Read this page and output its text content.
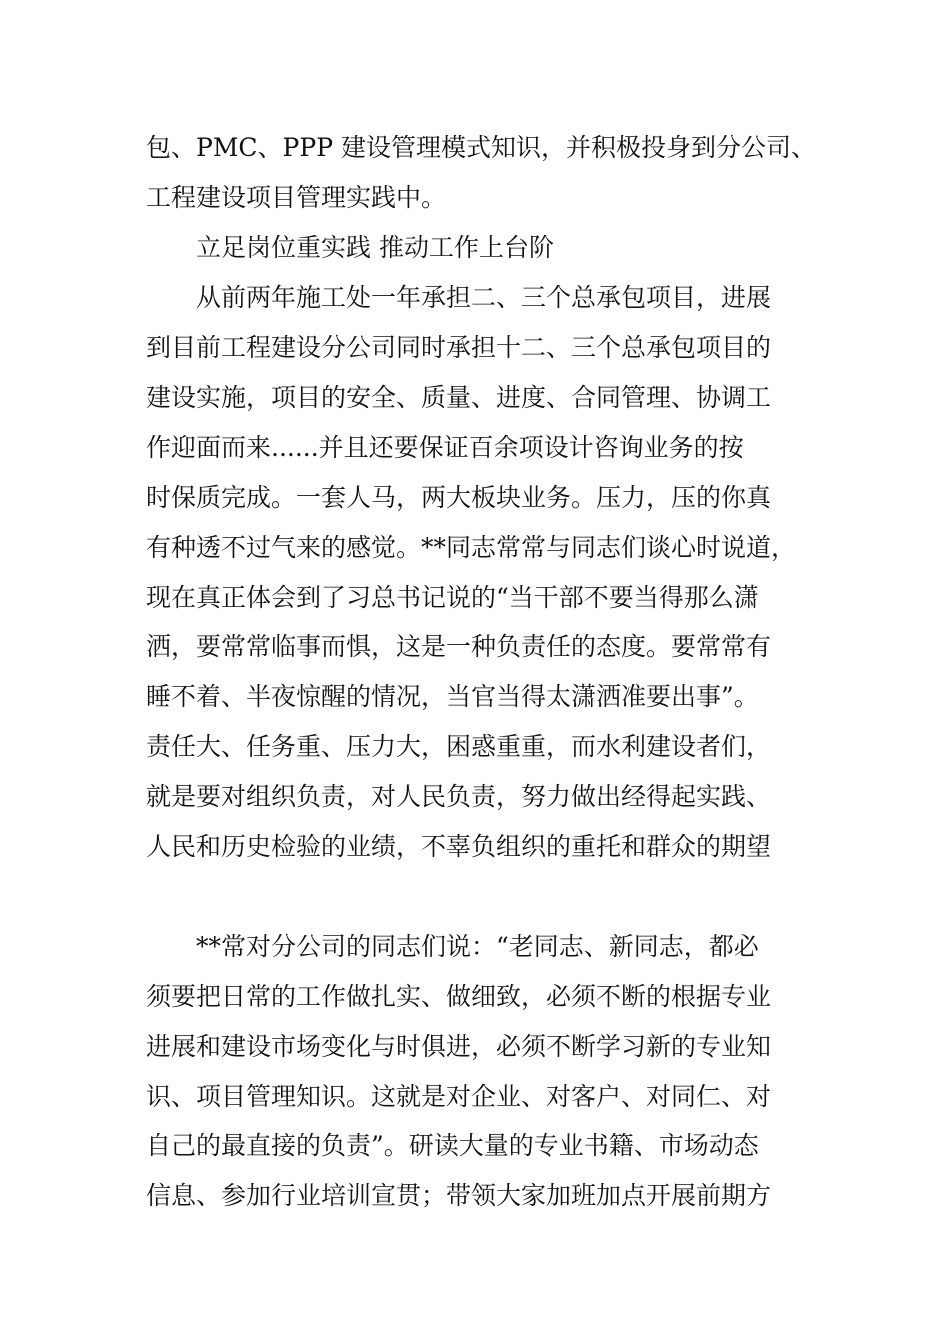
包、PMC、PPP 建设管理模式知识，并积极投身到分公司、
工程建设项目管理实践中。
立足岗位重实践 推动工作上台阶
从前两年施工处一年承担二、三个总承包项目，进展
到目前工程建设分公司同时承担十二、三个总承包项目的
建设实施，项目的安全、质量、进度、合同管理、协调工
作迎面而来......并且还要保证百余项设计咨询业务的按
时保质完成。一套人马，两大板块业务。压力，压的你真
有种透不过气来的感觉。**同志常常与同志们谈心时说道，
现在真正体会到了习总书记说的“当干部不要当得那么潇
洒，要常常临事而惧，这是一种负责任的态度。要常常有
睡不着、半夜惊醒的情况，当官当得太潇洒准要出事”。
责任大、任务重、压力大，困惑重重，而水利建设者们，
就是要对组织负责，对人民负责，努力做出经得起实践、
人民和历史检验的业绩，不辜负组织的重托和群众的期望
**常对分公司的同志们说：“老同志、新同志，都必
须要把日常的工作做扎实、做细致，必须不断的根据专业
进展和建设市场变化与时俱进，必须不断学习新的专业知
识、项目管理知识。这就是对企业、对客户、对同仁、对
自己的最直接的负责”。研读大量的专业书籍、市场动态
信息、参加行业培训宣贯；带领大家加班加点开展前期方
